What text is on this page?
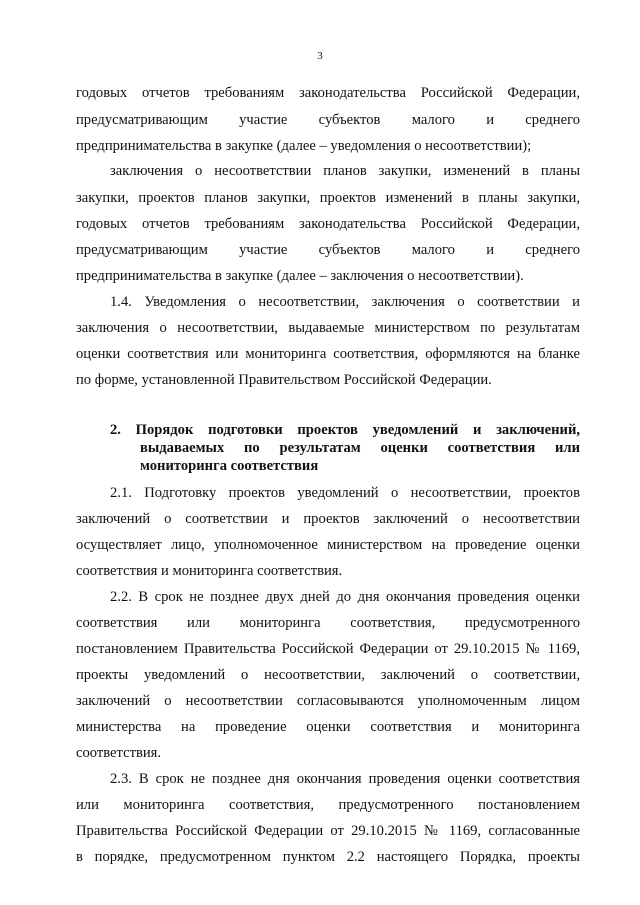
3
годовых отчетов требованиям законодательства Российской Федерации,
предусматривающим участие субъектов малого и среднего
предпринимательства в закупке (далее – уведомления о несоответствии);
заключения о несоответствии планов закупки, изменений в планы
закупки, проектов планов закупки, проектов изменений в планы закупки,
годовых отчетов требованиям законодательства Российской Федерации,
предусматривающим участие субъектов малого и среднего
предпринимательства в закупке (далее – заключения о несоответствии).
1.4. Уведомления о несоответствии, заключения о соответствии и
заключения о несоответствии, выдаваемые министерством по результатам
оценки соответствия или мониторинга соответствия, оформляются на бланке
по форме, установленной Правительством Российской Федерации.
2. Порядок подготовки проектов уведомлений и заключений,
выдаваемых по результатам оценки соответствия или
мониторинга соответствия
2.1. Подготовку проектов уведомлений о несоответствии, проектов
заключений о соответствии и проектов заключений о несоответствии
осуществляет лицо, уполномоченное министерством на проведение оценки
соответствия и мониторинга соответствия.
2.2. В срок не позднее двух дней до дня окончания проведения оценки
соответствия или мониторинга соответствия, предусмотренного
постановлением Правительства Российской Федерации от 29.10.2015 № 1169,
проекты уведомлений о несоответствии, заключений о соответствии,
заключений о несоответствии согласовываются уполномоченным лицом
министерства на проведение оценки соответствия и мониторинга
соответствия.
2.3. В срок не позднее дня окончания проведения оценки соответствия
или мониторинга соответствия, предусмотренного постановлением
Правительства Российской Федерации от 29.10.2015 № 1169, согласованные
в порядке, предусмотренном пунктом 2.2 настоящего Порядка, проекты
